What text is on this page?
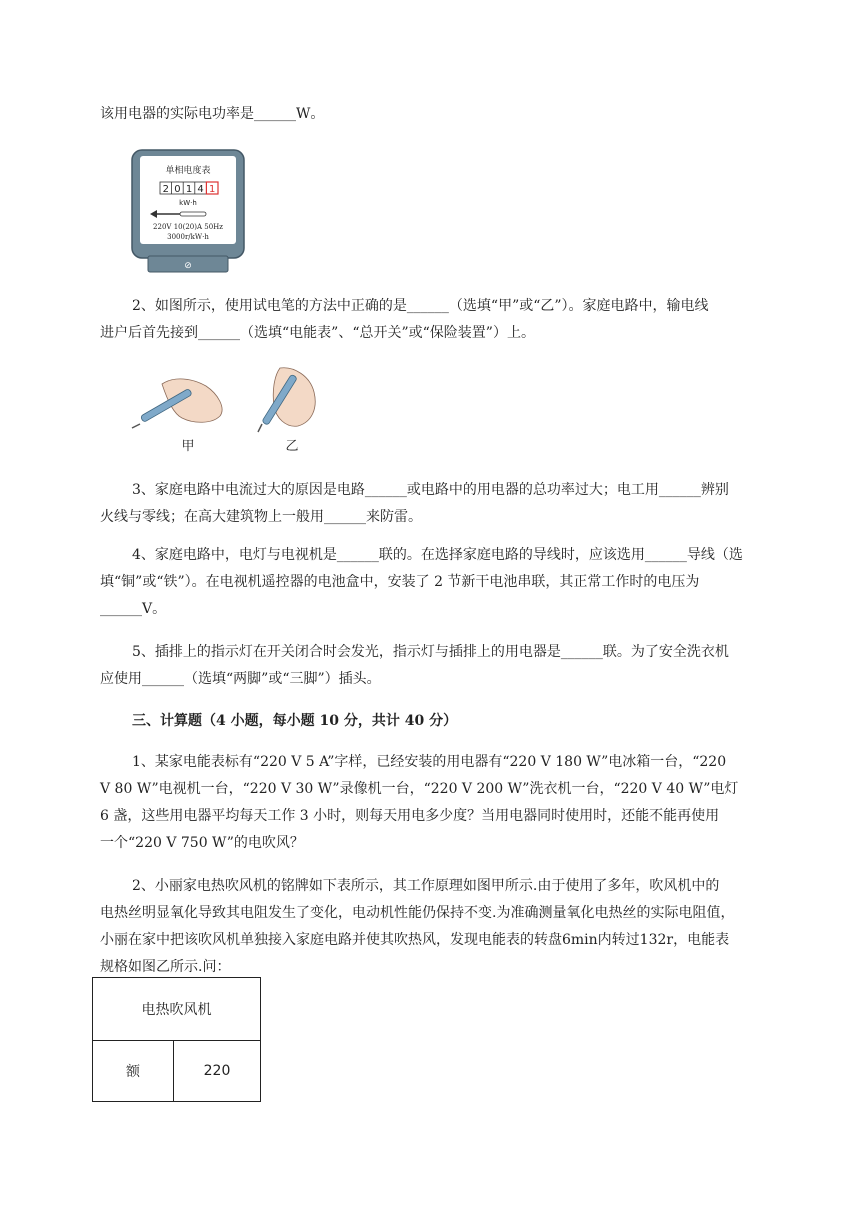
该用电器的实际电功率是______W。
单相电度表
2 0 1 4 1
kW·h
220V 10(20)A 50Hz
3000r/kW·h
⊘
2、如图所示，使用试电笔的方法中正确的是______（选填“甲”或“乙”）。家庭电路中，输电线
进户后首先接到______（选填“电能表”、“总开关”或“保险装置”）上。
甲	乙
3、家庭电路中电流过大的原因是电路______或电路中的用电器的总功率过大；电工用______辨别
火线与零线；在高大建筑物上一般用______来防雷。
4、家庭电路中，电灯与电视机是______联的。在选择家庭电路的导线时，应该选用______导线（选
填“铜”或“铁”）。在电视机遥控器的电池盒中，安装了 2 节新干电池串联，其正常工作时的电压为
______V。
5、插排上的指示灯在开关闭合时会发光，指示灯与插排上的用电器是______联。为了安全洗衣机
应使用______（选填“两脚”或“三脚”）插头。
三、计算题（4 小题，每小题 10 分，共计 40 分）
1、某家电能表标有“220 V 5 A”字样，已经安装的用电器有“220 V 180 W”电冰箱一台，“220
V 80 W”电视机一台，“220 V 30 W”录像机一台，“220 V 200 W”洗衣机一台，“220 V 40 W”电灯
6 盏，这些用电器平均每天工作 3 小时，则每天用电多少度？当用电器同时使用时，还能不能再使用
一个“220 V 750 W”的电吹风？
2、小丽家电热吹风机的铭牌如下表所示，其工作原理如图甲所示.由于使用了多年，吹风机中的
电热丝明显氧化导致其电阻发生了变化，电动机性能仍保持不变.为准确测量氧化电热丝的实际电阻值，
小丽在家中把该吹风机单独接入家庭电路并使其吹热风，发现电能表的转盘6min内转过132r，电能表
规格如图乙所示.问：
电热吹风机
额	220
